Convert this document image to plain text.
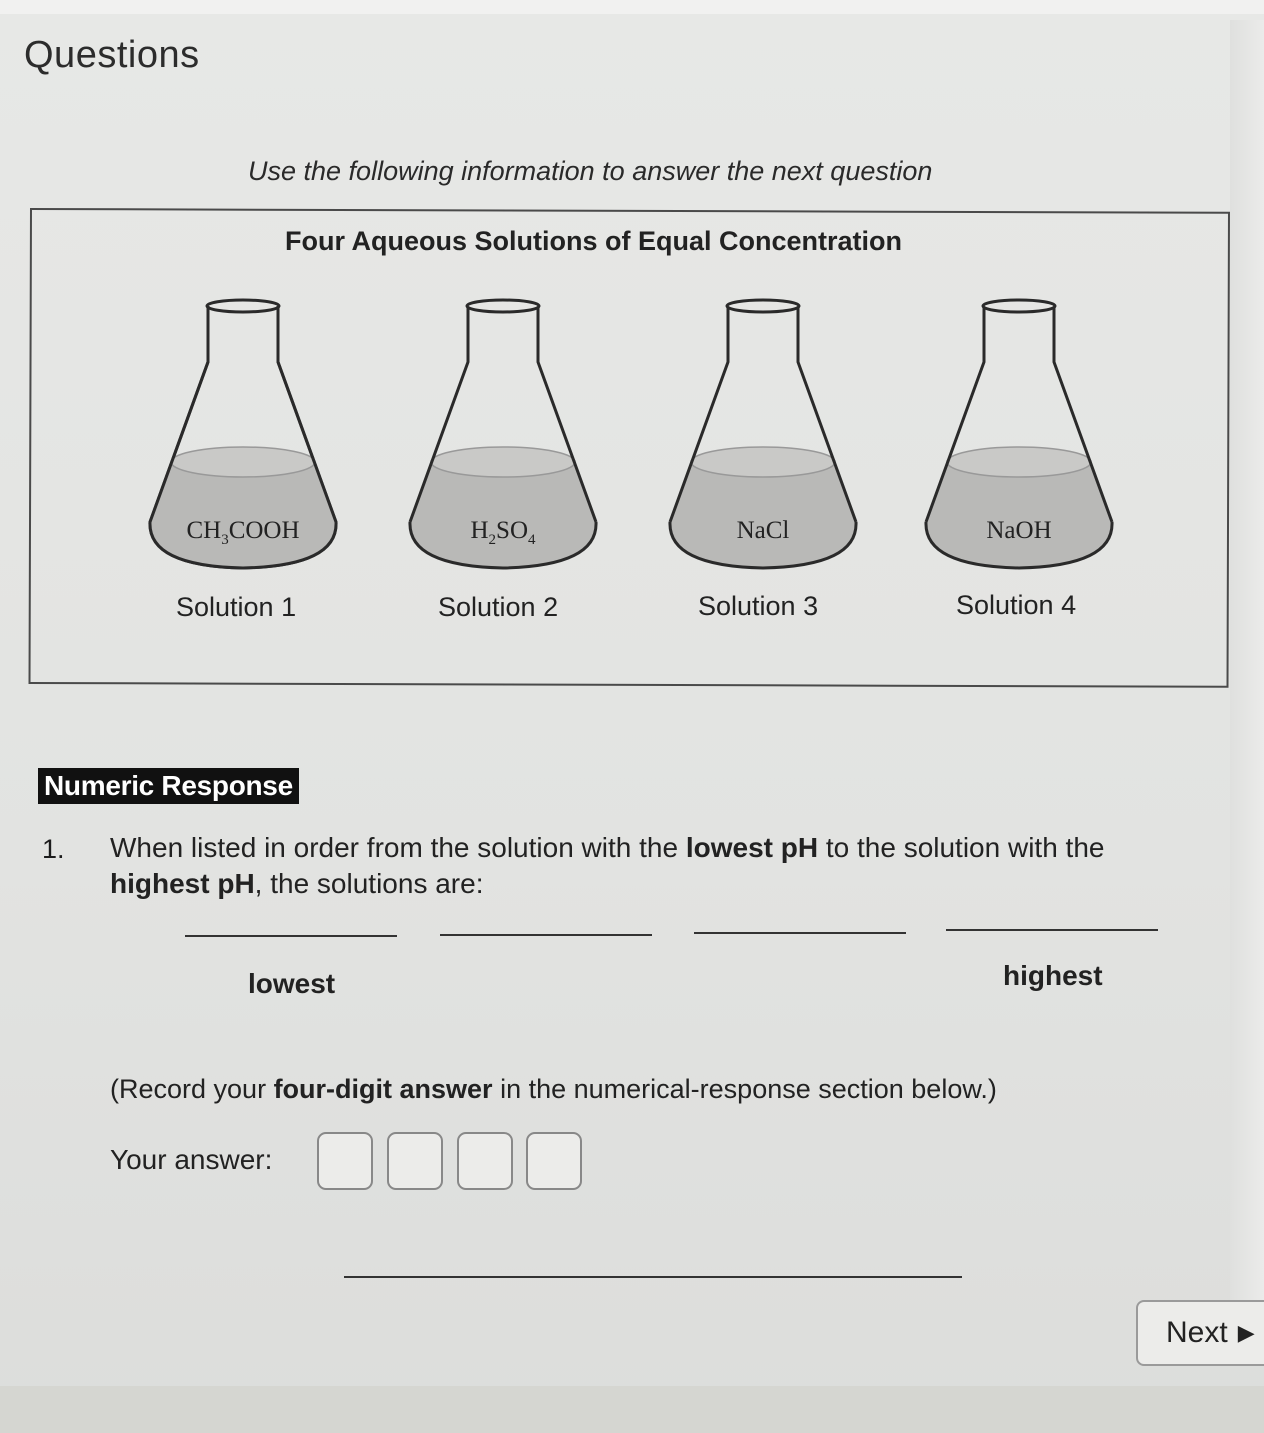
Questions
Use the following information to answer the next question
Four Aqueous Solutions of Equal Concentration
$CH_3COOH$
Solution 1
$H_2SO_4$
Solution 2
NaCl
Solution 3
NaOH
Solution 4
Numeric Response
1. When listed in order from the solution with the lowest pH to the solution with the
highest pH, the solutions are:
lowest	highest
(Record your four-digit answer in the numerical-response section below.)
Your answer:
Next ▶
